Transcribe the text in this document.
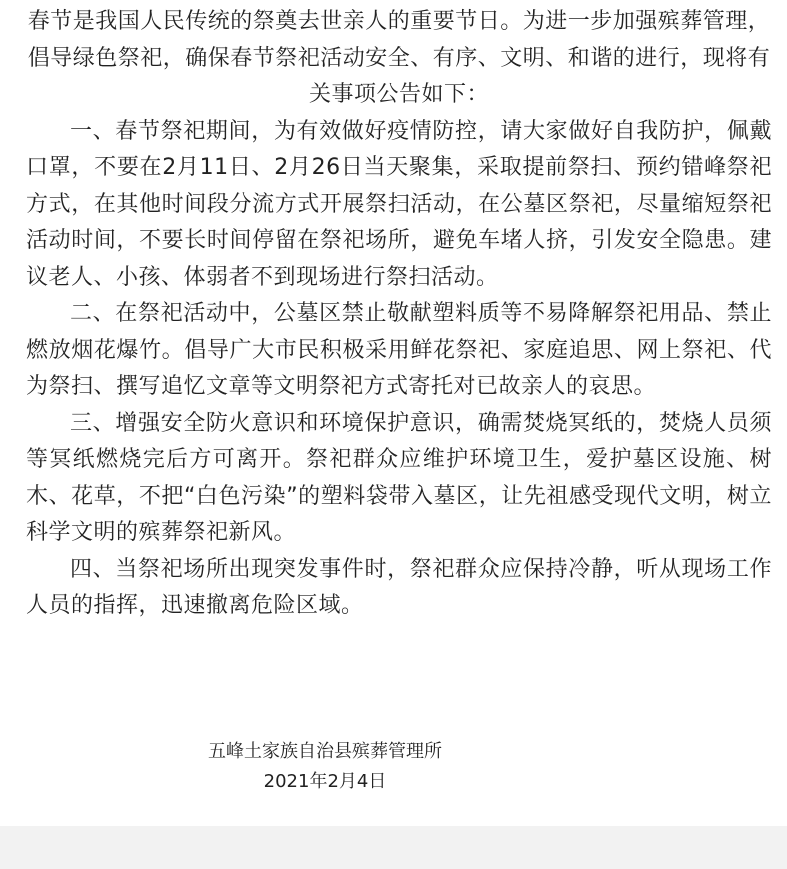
春节是我国人民传统的祭奠去世亲人的重要节日。为进一步加强殡葬管理，倡导绿色祭祀，确保春节祭祀活动安全、有序、文明、和谐的进行，现将有关事项公告如下：

一、春节祭祀期间，为有效做好疫情防控，请大家做好自我防护，佩戴口罩，不要在2月11日、2月26日当天聚集，采取提前祭扫、预约错峰祭祀方式，在其他时间段分流方式开展祭扫活动，在公墓区祭祀，尽量缩短祭祀活动时间，不要长时间停留在祭祀场所，避免车堵人挤，引发安全隐患。建议老人、小孩、体弱者不到现场进行祭扫活动。

二、在祭祀活动中，公墓区禁止敬献塑料质等不易降解祭祀用品、禁止燃放烟花爆竹。倡导广大市民积极采用鲜花祭祀、家庭追思、网上祭祀、代为祭扫、撰写追忆文章等文明祭祀方式寄托对已故亲人的哀思。

三、增强安全防火意识和环境保护意识，确需焚烧冥纸的，焚烧人员须等冥纸燃烧完后方可离开。祭祀群众应维护环境卫生，爱护墓区设施、树木、花草，不把“白色污染”的塑料袋带入墓区，让先祖感受现代文明，树立科学文明的殡葬祭祀新风。

四、当祭祀场所出现突发事件时，祭祀群众应保持冷静，听从现场工作人员的指挥，迅速撤离危险区域。

五峰土家族自治县殡葬管理所
2021年2月4日
